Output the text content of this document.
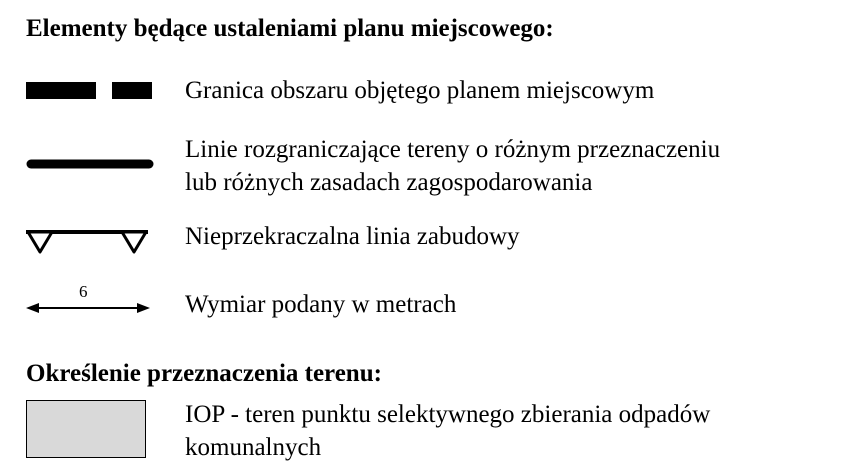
Elementy będące ustaleniami planu miejscowego:
Granica obszaru objętego planem miejscowym
Linie rozgraniczające tereny o różnym przeznaczeniu
lub różnych zasadach zagospodarowania
Nieprzekraczalna linia zabudowy
6	Wymiar podany w metrach
Określenie przeznaczenia terenu:
IOP - teren punktu selektywnego zbierania odpadów
komunalnych
